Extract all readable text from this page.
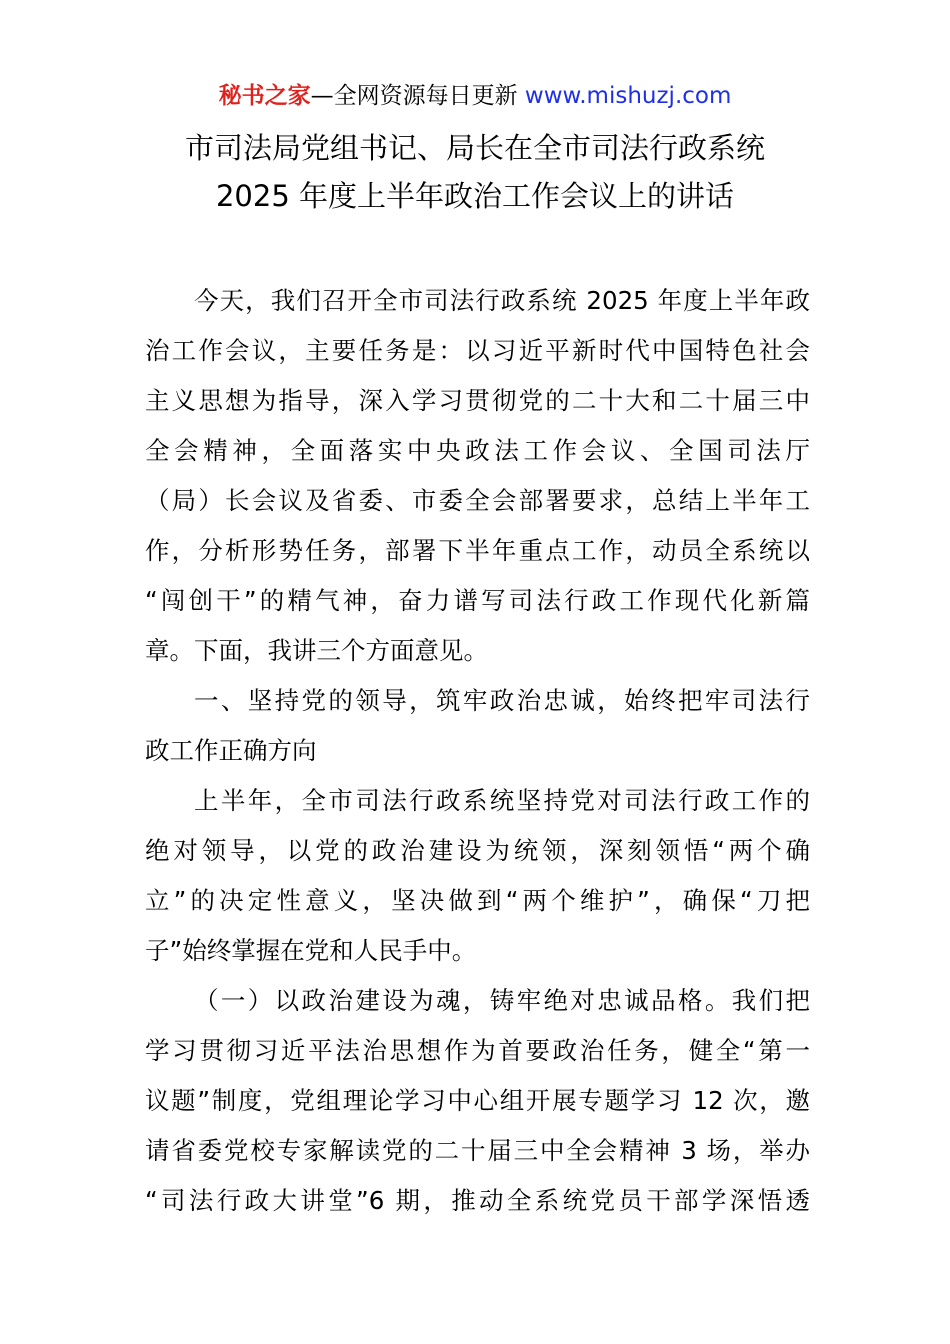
秘书之家—全网资源每日更新 www.mishuzj.com
市司法局党组书记、局长在全市司法行政系统
2025 年度上半年政治工作会议上的讲话
今天，我们召开全市司法行政系统 2025 年度上半年政
治工作会议，主要任务是：以习近平新时代中国特色社会
主义思想为指导，深入学习贯彻党的二十大和二十届三中
全会精神，全面落实中央政法工作会议、全国司法厅
（局）长会议及省委、市委全会部署要求，总结上半年工
作，分析形势任务，部署下半年重点工作，动员全系统以
“闯创干”的精气神，奋力谱写司法行政工作现代化新篇
章。下面，我讲三个方面意见。
一、坚持党的领导，筑牢政治忠诚，始终把牢司法行
政工作正确方向
上半年，全市司法行政系统坚持党对司法行政工作的
绝对领导，以党的政治建设为统领，深刻领悟“两个确
立”的决定性意义，坚决做到“两个维护”，确保“刀把
子”始终掌握在党和人民手中。
（一）以政治建设为魂，铸牢绝对忠诚品格。我们把
学习贯彻习近平法治思想作为首要政治任务，健全“第一
议题”制度，党组理论学习中心组开展专题学习 12 次，邀
请省委党校专家解读党的二十届三中全会精神 3 场，举办
“司法行政大讲堂”6 期，推动全系统党员干部学深悟透
